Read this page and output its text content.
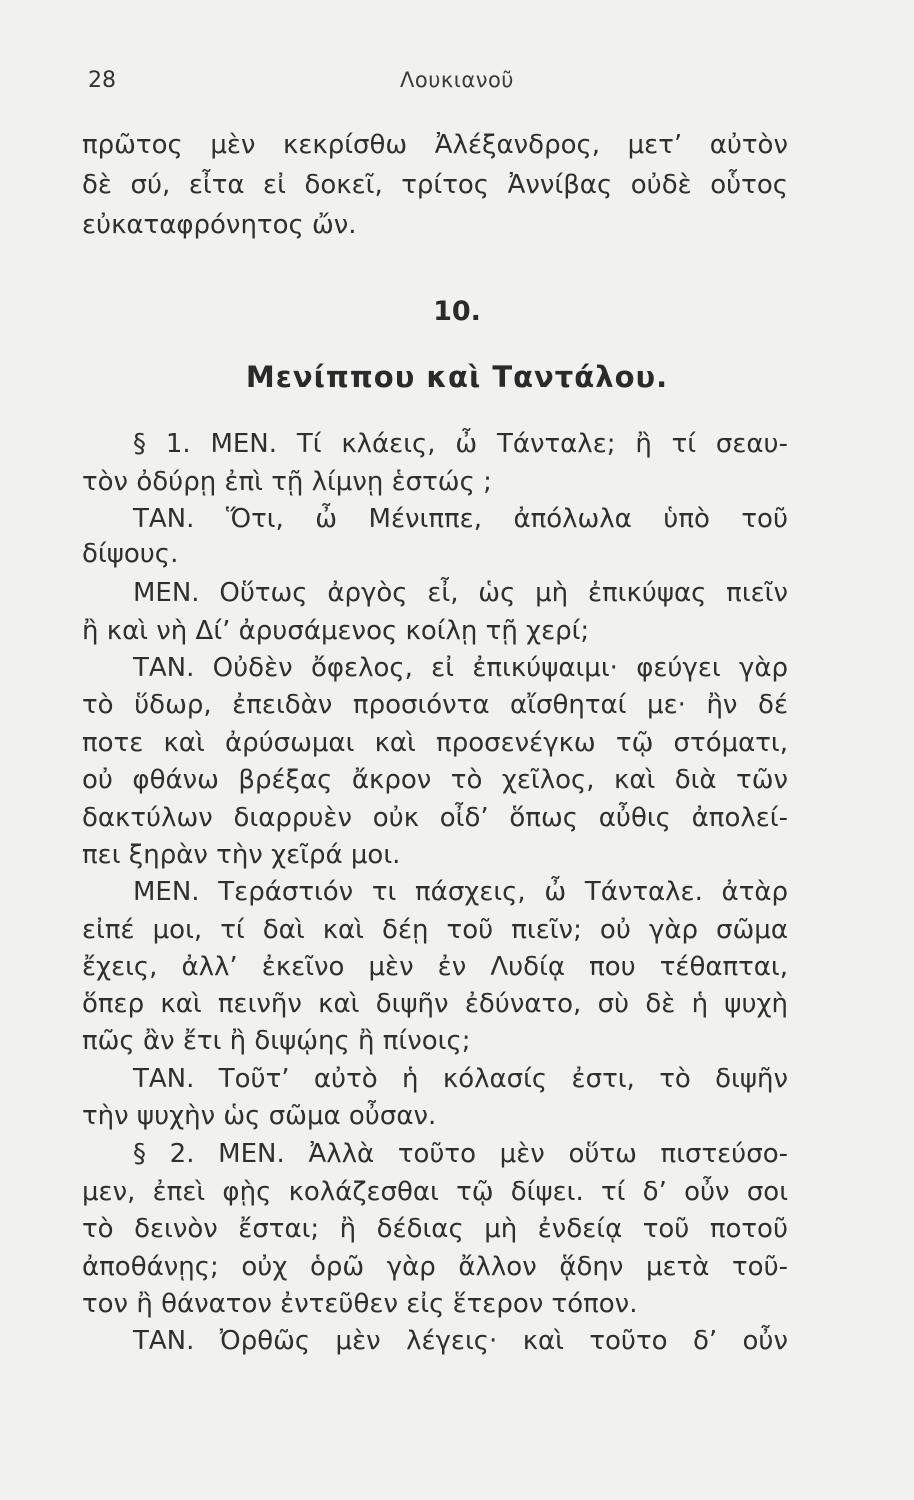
28	Λουκιανοῦ
πρῶτος μὲν κεκρίσθω Ἀλέξανδρος, μετ’ αὐτὸν
δὲ σύ, εἶτα εἰ δοκεῖ, τρίτος Ἀννίβας οὐδὲ οὗτος
εὐκαταφρόνητος ὤν.
10.
Μενίππου καὶ Ταντάλου.
§ 1. ΜΕΝ. Τί κλάεις, ὦ Τάνταλε; ἢ τί σεαυ-
τὸν ὀδύρῃ ἐπὶ τῇ λίμνῃ ἑστώς ;
ΤΑΝ. Ὅτι, ὦ Μένιππε, ἀπόλωλα ὑπὸ τοῦ
δίψους.
ΜΕΝ. Οὕτως ἀργὸς εἶ, ὡς μὴ ἐπικύψας πιεῖν
ἢ καὶ νὴ Δί’ ἀρυσάμενος κοίλῃ τῇ χερί;
ΤΑΝ. Οὐδὲν ὄφελος, εἰ ἐπικύψαιμι· φεύγει γὰρ
τὸ ὕδωρ, ἐπειδὰν προσιόντα αἴσθηταί με· ἢν δέ
ποτε καὶ ἀρύσωμαι καὶ προσενέγκω τῷ στόματι,
οὐ φθάνω βρέξας ἄκρον τὸ χεῖλος, καὶ διὰ τῶν
δακτύλων διαρρυὲν οὐκ οἶδ’ ὅπως αὖθις ἀπολεί-
πει ξηρὰν τὴν χεῖρά μοι.
ΜΕΝ. Τεράστιόν τι πάσχεις, ὦ Τάνταλε. ἀτὰρ
εἰπέ μοι, τί δαὶ καὶ δέῃ τοῦ πιεῖν; οὐ γὰρ σῶμα
ἔχεις, ἀλλ’ ἐκεῖνο μὲν ἐν Λυδίᾳ που τέθαπται,
ὅπερ καὶ πεινῆν καὶ διψῆν ἐδύνατο, σὺ δὲ ἡ ψυχὴ
πῶς ἂν ἔτι ἢ διψῴης ἢ πίνοις;
ΤΑΝ. Τοῦτ’ αὐτὸ ἡ κόλασίς ἐστι, τὸ διψῆν
τὴν ψυχὴν ὡς σῶμα οὖσαν.
§ 2. ΜΕΝ. Ἀλλὰ τοῦτο μὲν οὕτω πιστεύσο-
μεν, ἐπεὶ φῂς κολάζεσθαι τῷ δίψει. τί δ’ οὖν σοι
τὸ δεινὸν ἔσται; ἢ δέδιας μὴ ἐνδείᾳ τοῦ ποτοῦ
ἀποθάνῃς; οὐχ ὁρῶ γὰρ ἄλλον ᾅδην μετὰ τοῦ-
τον ἢ θάνατον ἐντεῦθεν εἰς ἕτερον τόπον.
ΤΑΝ. Ὀρθῶς μὲν λέγεις· καὶ τοῦτο δ’ οὖν
